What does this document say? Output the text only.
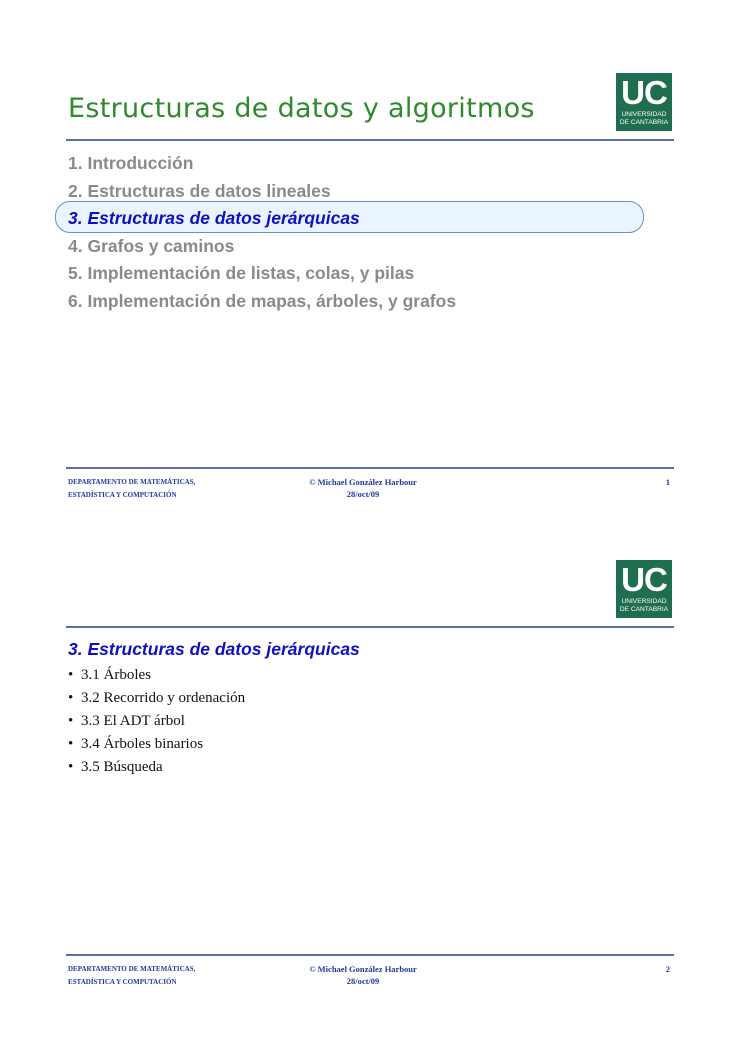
UC
UNIVERSIDAD
DE CANTABRIA
Estructuras de datos y algoritmos
1. Introducción
2. Estructuras de datos lineales
3. Estructuras de datos jerárquicas
4. Grafos y caminos
5. Implementación de listas, colas, y pilas
6. Implementación de mapas, árboles, y grafos
DEPARTAMENTO DE MATEMÁTICAS,
ESTADÍSTICA Y COMPUTACIÓN
© Michael González Harbour
28/oct/09
1
UC
UNIVERSIDAD
DE CANTABRIA
3. Estructuras de datos jerárquicas
• 3.1 Árboles
• 3.2 Recorrido y ordenación
• 3.3 El ADT árbol
• 3.4 Árboles binarios
• 3.5 Búsqueda
DEPARTAMENTO DE MATEMÁTICAS,
ESTADÍSTICA Y COMPUTACIÓN
© Michael González Harbour
28/oct/09
2
